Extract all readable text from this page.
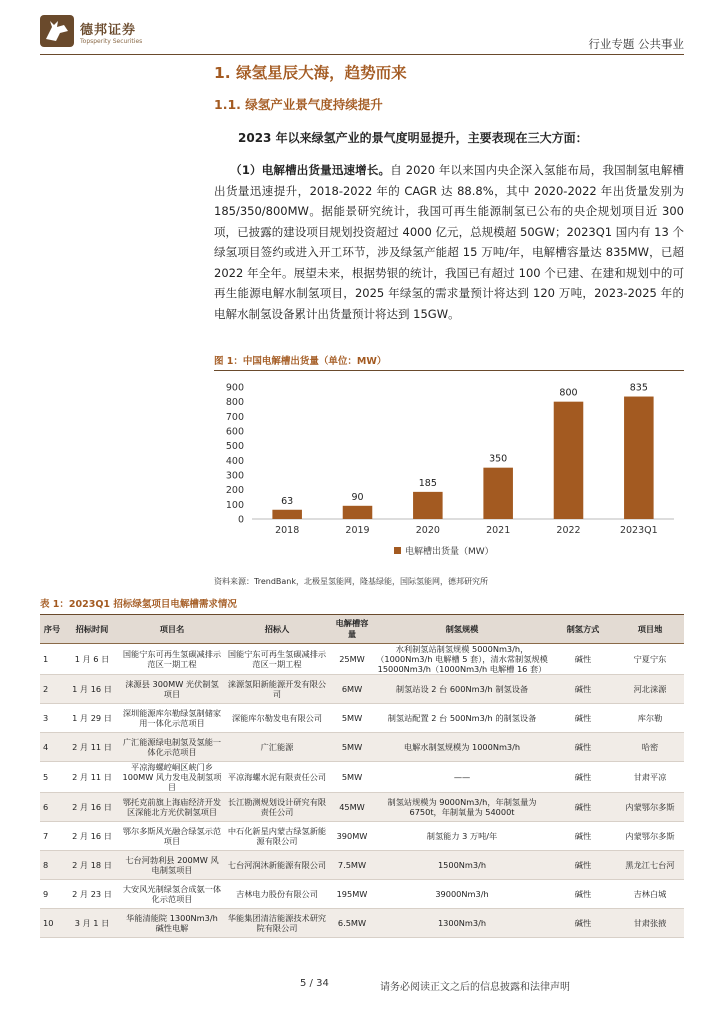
德邦证券
Topsperity Securities	行业专题 公共事业
1. 绿氢星辰大海，趋势而来
1.1. 绿氢产业景气度持续提升
2023 年以来绿氢产业的景气度明显提升，主要表现在三大方面：
（1）电解槽出货量迅速增长。自 2020 年以来国内央企深入氢能布局，我国制氢电解槽出货量迅速提升，2018-2022 年的 CAGR 达 88.8%，其中 2020-2022 年出货量发别为 185/350/800MW。据能景研究统计，我国可再生能源制氢已公布的央企规划项目近 300 项，已披露的建设项目规划投资超过 4000 亿元，总规模超 50GW；2023Q1 国内有 13 个绿氢项目签约或进入开工环节，涉及绿氢产能超 15 万吨/年，电解槽容量达 835MW，已超 2022 年全年。展望未来，根据势银的统计，我国已有超过 100 个已建、在建和规划中的可再生能源电解水制氢项目，2025 年绿氢的需求量预计将达到 120 万吨，2023-2025 年的电解水制氢设备累计出货量预计将达到 15GW。
图 1：中国电解槽出货量（单位：MW）
0
100
200
300
400
500
600
700
800
900
63
2018
90
2019
185
2020
350
2021
800
2022
835
2023Q1
电解槽出货量（MW）
资料来源：TrendBank，北极星氢能网，隆基绿能，国际氢能网，德邦研究所
表 1：2023Q1 招标绿氢项目电解槽需求情况
序号	招标时间	项目名	招标人	电解槽容量	制氢规模	制氢方式	项目地
1	1 月 6 日	国能宁东可再生氢碳减排示范区一期工程	国能宁东可再生氢碳减排示范区一期工程	25MW	水利制氢站制氢规模 5000Nm3/h，（1000Nm3/h 电解槽 5 套），清水常制氢规模 15000Nm3/h（1000Nm3/h 电解槽 16 套）	碱性	宁夏宁东
2	1 月 16 日	涞源县 300MW 光伏制氢项目	涞源氢阳新能源开发有限公司	6MW	制氢站设 2 台 600Nm3/h 制氢设备	碱性	河北涞源
3	1 月 29 日	深圳能源库尔勒绿氢制储家用一体化示范项目	深能库尔勒发电有限公司	5MW	制氢站配置 2 台 500Nm3/h 的制氢设备	碱性	库尔勒
4	2 月 11 日	广汇能源绿电制氢及氢能一体化示范项目	广汇能源	5MW	电解水制氢规模为 1000Nm3/h	碱性	哈密
5	2 月 11 日	平凉海螺崆峒区峡门乡 100MW 风力发电及制氢项目	平凉海螺水泥有限责任公司	5MW	——	碱性	甘肃平凉
6	2 月 16 日	鄂托克前旗上海庙经济开发区深能北方光伏制氢项目	长江勘测规划设计研究有限责任公司	45MW	制氢站规模为 9000Nm3/h，年制氢量为 6750t，年制氧量为 54000t	碱性	内蒙鄂尔多斯
7	2 月 16 日	鄂尔多斯风光融合绿氢示范项目	中石化新星内蒙古绿氢新能源有限公司	390MW	制氢能力 3 万吨/年	碱性	内蒙鄂尔多斯
8	2 月 18 日	七台河勃利县 200MW 风电制氢项目	七台河润沐新能源有限公司	7.5MW	1500Nm3/h	碱性	黑龙江七台河
9	2 月 23 日	大安风光制绿氢合成氨一体化示范项目	吉林电力股份有限公司	195MW	39000Nm3/h	碱性	吉林白城
10	3 月 1 日	华能清能院 1300Nm3/h 碱性电解	华能集团清洁能源技术研究院有限公司	6.5MW	1300Nm3/h	碱性	甘肃张掖
5 / 34	请务必阅读正文之后的信息披露和法律声明
